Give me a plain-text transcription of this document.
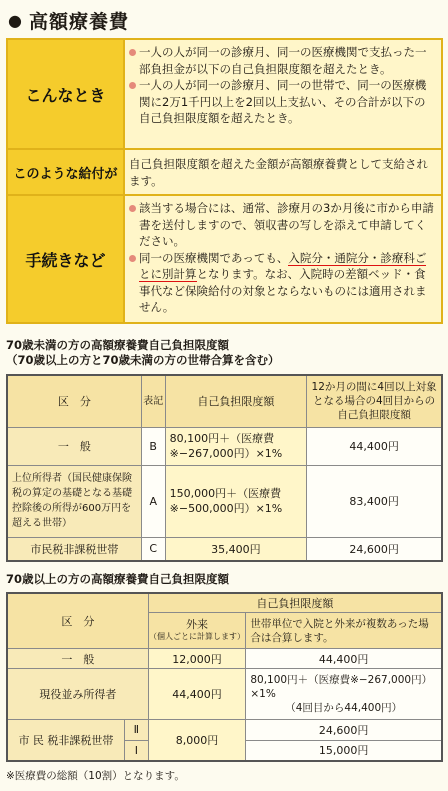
● 高額療養費
こんなとき
一人の人が同一の診療月、同一の医療機関で支払った一部負担金が以下の自己負担限度額を超えたとき。
一人の人が同一の診療月、同一の世帯で、同一の医療機関に2万1千円以上を2回以上支払い、その合計が以下の自己負担限度額を超えたとき。
このような給付が
自己負担限度額を超えた金額が高額療養費として支給されます。
手続きなど
該当する場合には、通常、診療月の3か月後に市から申請書を送付しますので、領収書の写しを添えて申請してください。
同一の医療機関であっても、入院分・通院分・診療科ごとに別計算となります。なお、入院時の差額ベッド・食事代など保険給付の対象とならないものには適用されません。
70歳未満の方の高額療養費自己負担限度額
（70歳以上の方と70歳未満の方の世帯合算を含む）
区　分	表記	自己負担限度額	12か月の間に4回以上対象となる場合の4回目からの自己負担限度額
一　般	B	80,100円＋（医療費※−267,000円）×1%	44,400円
上位所得者（国民健康保険税の算定の基礎となる基礎控除後の所得が600万円を超える世帯）	A	150,000円＋（医療費※−500,000円）×1%	83,400円
市民税非課税世帯	C	35,400円	24,600円
70歳以上の方の高額療養費自己負担限度額
区　分		自己負担限度額	

		外来
（個人ごとに計算します）	世帯単位で入院と外来が複数あった場合は合算します。
一　般		12,000円	44,400円
現役並み所得者		44,400円	80,100円＋（医療費※−267,000円）×1%
（4回目から44,400円）

市 民 税非課税世帯	Ⅱ	8,000円	24,600円
	Ⅰ		15,000円
※医療費の総額（10割）となります。
